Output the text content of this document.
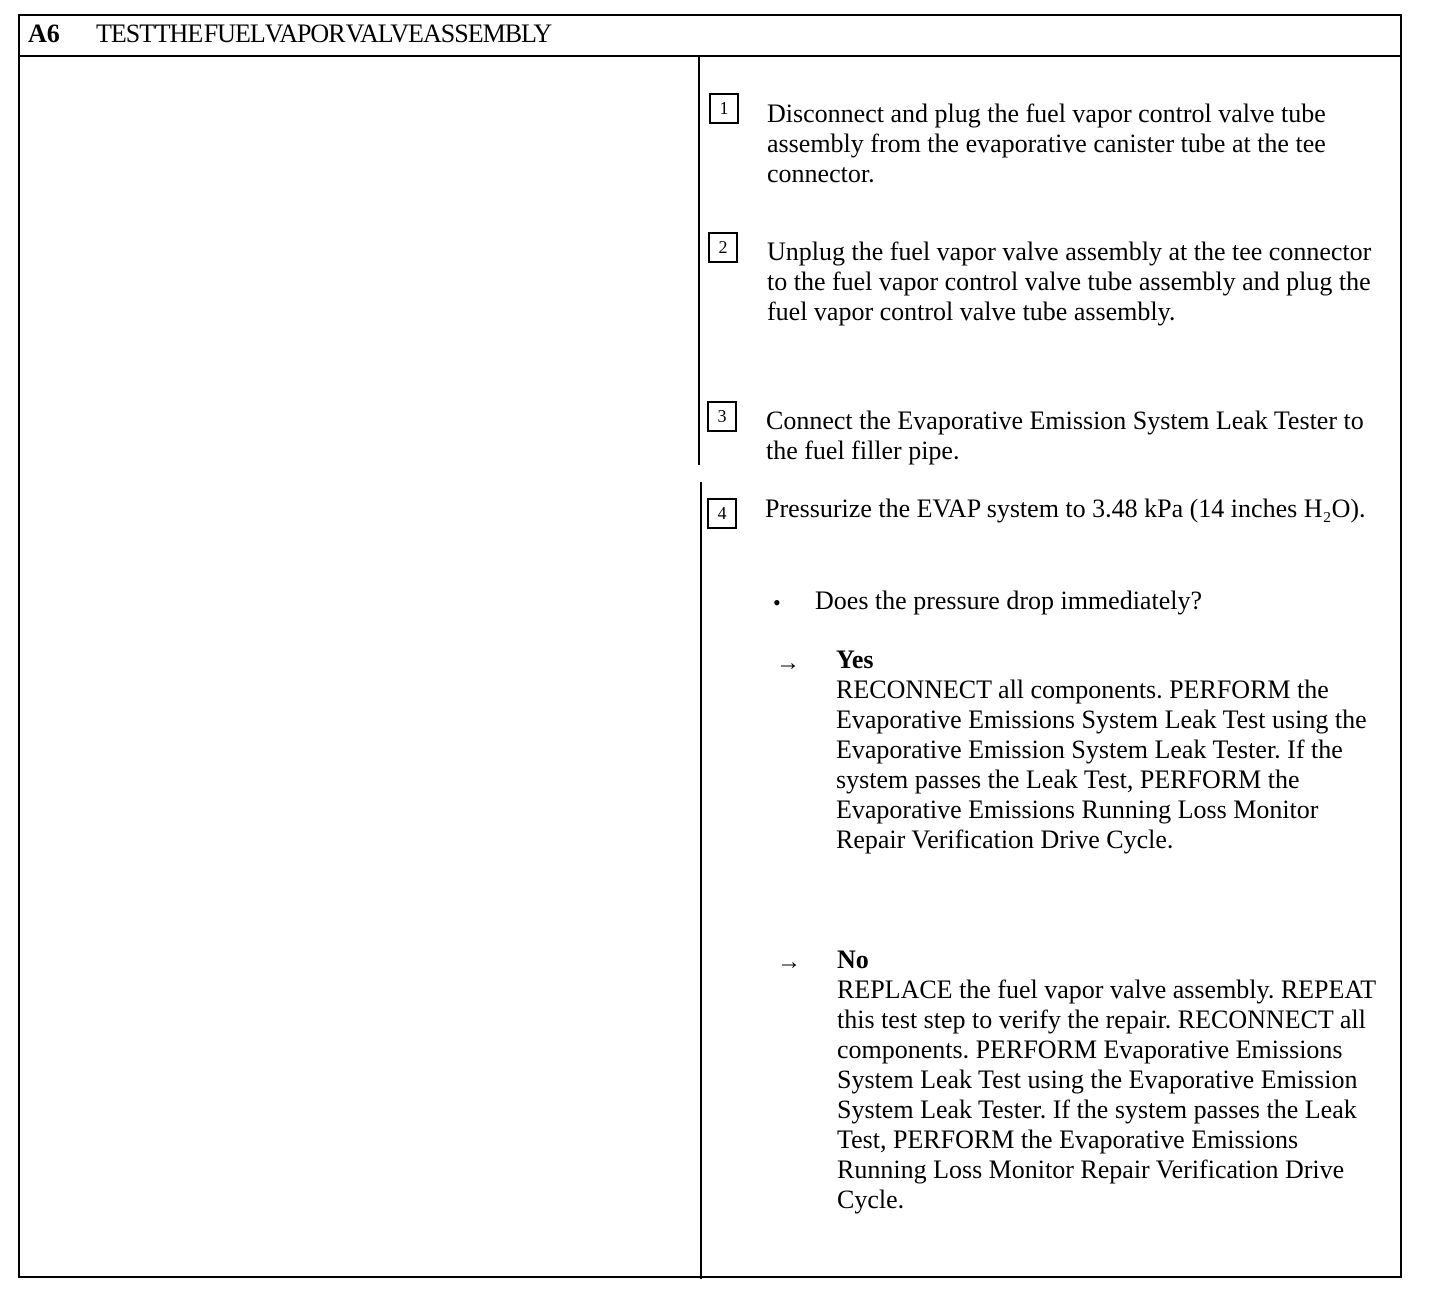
A6 TEST THE FUEL VAPOR VALVE ASSEMBLY
1	Disconnect and plug the fuel vapor control valve tube assembly from the evaporative canister tube at the tee connector.
2	Unplug the fuel vapor valve assembly at the tee connector to the fuel vapor control valve tube assembly and plug the fuel vapor control valve tube assembly.
3	Connect the Evaporative Emission System Leak Tester to the fuel filler pipe.
4	Pressurize the EVAP system to 3.48 kPa (14 inches H₂O).
• Does the pressure drop immediately?
→ Yes
RECONNECT all components. PERFORM the Evaporative Emissions System Leak Test using the Evaporative Emission System Leak Tester. If the system passes the Leak Test, PERFORM the Evaporative Emissions Running Loss Monitor Repair Verification Drive Cycle.
→ No
REPLACE the fuel vapor valve assembly. REPEAT this test step to verify the repair. RECONNECT all components. PERFORM Evaporative Emissions System Leak Test using the Evaporative Emission System Leak Tester. If the system passes the Leak Test, PERFORM the Evaporative Emissions Running Loss Monitor Repair Verification Drive Cycle.
